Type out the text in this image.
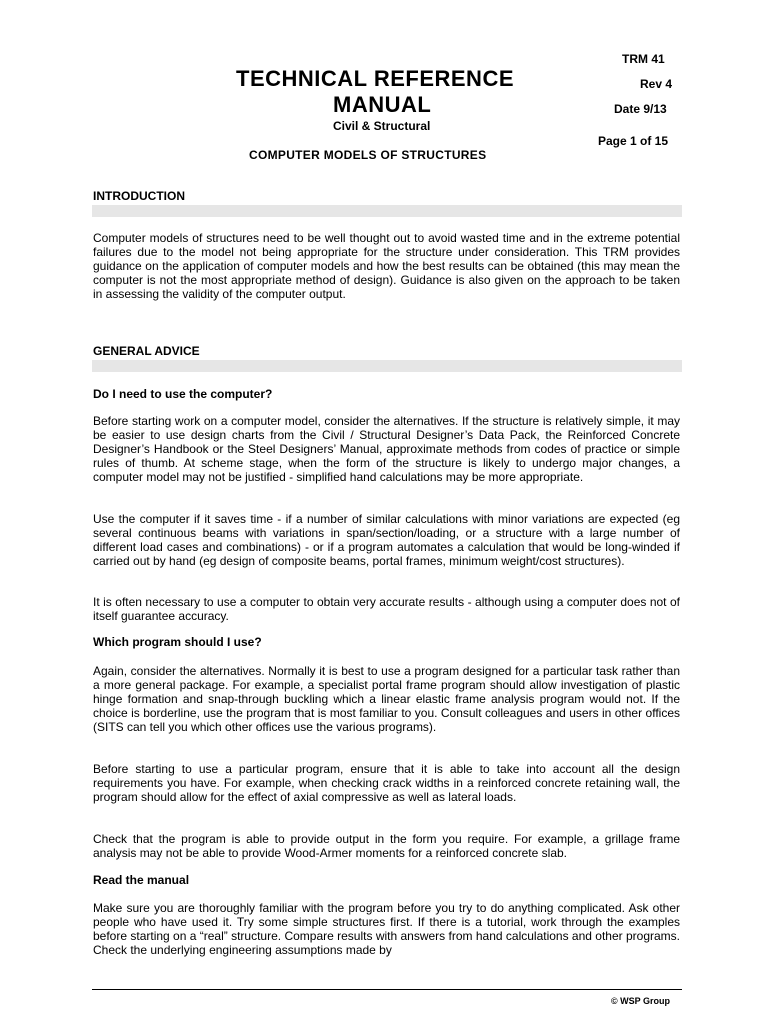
TRM 41
TECHNICAL REFERENCE	Rev 4
MANUAL	Date 9/13
Civil & Structural
Page 1 of 15
COMPUTER MODELS OF STRUCTURES
INTRODUCTION

Computer models of structures need to be well thought out to avoid wasted time and in the extreme potential failures due to the model not being appropriate for the structure under consideration. This TRM provides guidance on the application of computer models and how the best results can be obtained (this may mean the computer is not the most appropriate method of design). Guidance is also given on the approach to be taken in assessing the validity of the computer output.

GENERAL ADVICE
Do I need to use the computer?

Before starting work on a computer model, consider the alternatives. If the structure is relatively simple, it may be easier to use design charts from the Civil / Structural Designer’s Data Pack, the Reinforced Concrete Designer’s Handbook or the Steel Designers’ Manual, approximate methods from codes of practice or simple rules of thumb. At scheme stage, when the form of the structure is likely to undergo major changes, a computer model may not be justified - simplified hand calculations may be more appropriate.

Use the computer if it saves time - if a number of similar calculations with minor variations are expected (eg several continuous beams with variations in span/section/loading, or a structure with a large number of different load cases and combinations) - or if a program automates a calculation that would be long-winded if carried out by hand (eg design of composite beams, portal frames, minimum weight/cost structures).

It is often necessary to use a computer to obtain very accurate results - although using a computer does not of itself guarantee accuracy.

Which program should I use?

Again, consider the alternatives. Normally it is best to use a program designed for a particular task rather than a more general package. For example, a specialist portal frame program should allow investigation of plastic hinge formation and snap-through buckling which a linear elastic frame analysis program would not. If the choice is borderline, use the program that is most familiar to you. Consult colleagues and users in other offices (SITS can tell you which other offices use the various programs).

Before starting to use a particular program, ensure that it is able to take into account all the design requirements you have. For example, when checking crack widths in a reinforced concrete retaining wall, the program should allow for the effect of axial compressive as well as lateral loads.

Check that the program is able to provide output in the form you require. For example, a grillage frame analysis may not be able to provide Wood-Armer moments for a reinforced concrete slab.

Read the manual

Make sure you are thoroughly familiar with the program before you try to do anything complicated. Ask other people who have used it. Try some simple structures first. If there is a tutorial, work through the examples before starting on a “real” structure. Compare results with answers from hand calculations and other programs. Check the underlying engineering assumptions made by

© WSP Group
